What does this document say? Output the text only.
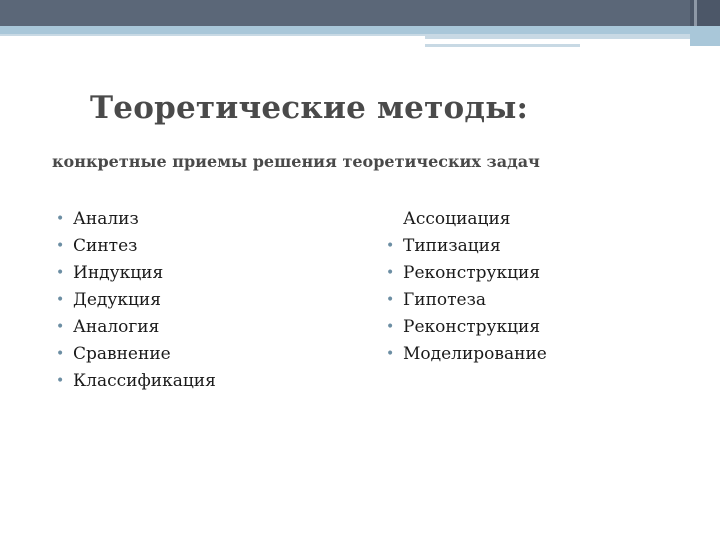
Теоретические методы:
конкретные приемы решения теоретических задач
• Анализ
• Синтез
• Индукция
• Дедукция
• Аналогия
• Сравнение
• Классификация
Ассоциация
• Типизация
• Реконструкция
• Гипотеза
• Реконструкция
• Моделирование
